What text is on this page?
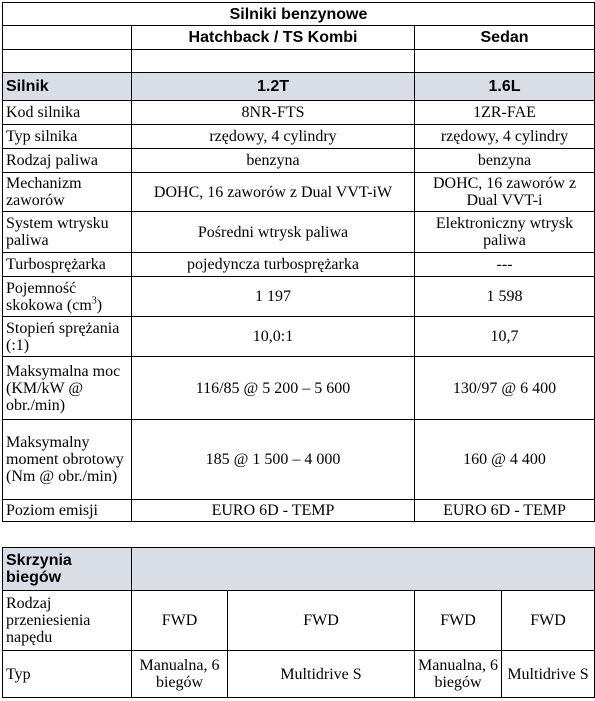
Silniki benzynowe		
	Hatchback / TS Kombi	Sedan

Silnik	1.2T	1.6L
Kod silnika	8NR-FTS	1ZR-FAE
Typ silnika	rzędowy, 4 cylindry	rzędowy, 4 cylindry
Rodzaj paliwa	benzyna	benzyna
Mechanizm zaworów	DOHC, 16 zaworów z Dual VVT-iW	DOHC, 16 zaworów z Dual VVT-i
System wtrysku paliwa	Pośredni wtrysk paliwa	Elektroniczny wtrysk paliwa
Turbosprężarka	pojedyncza turbosprężarka	---
Pojemność skokowa $(cm^3)$	1 197	1 598
Stopień sprężania (:1)	10,0:1	10,7
Maksymalna moc (KM/kW @ obr./min)	116/85 @ 5 200 – 5 600	130/97 @ 6 400
Maksymalny moment obrotowy (Nm @ obr./min)	185 @ 1 500 – 4 000	160 @ 4 400
Poziom emisji	EURO 6D - TEMP	EURO 6D - TEMP
Skrzynia biegów				
Rodzaj przeniesienia napędu	FWD	FWD	FWD	FWD
Typ	Manualna, 6 biegów	Multidrive S	Manualna, 6 biegów	Multidrive S
